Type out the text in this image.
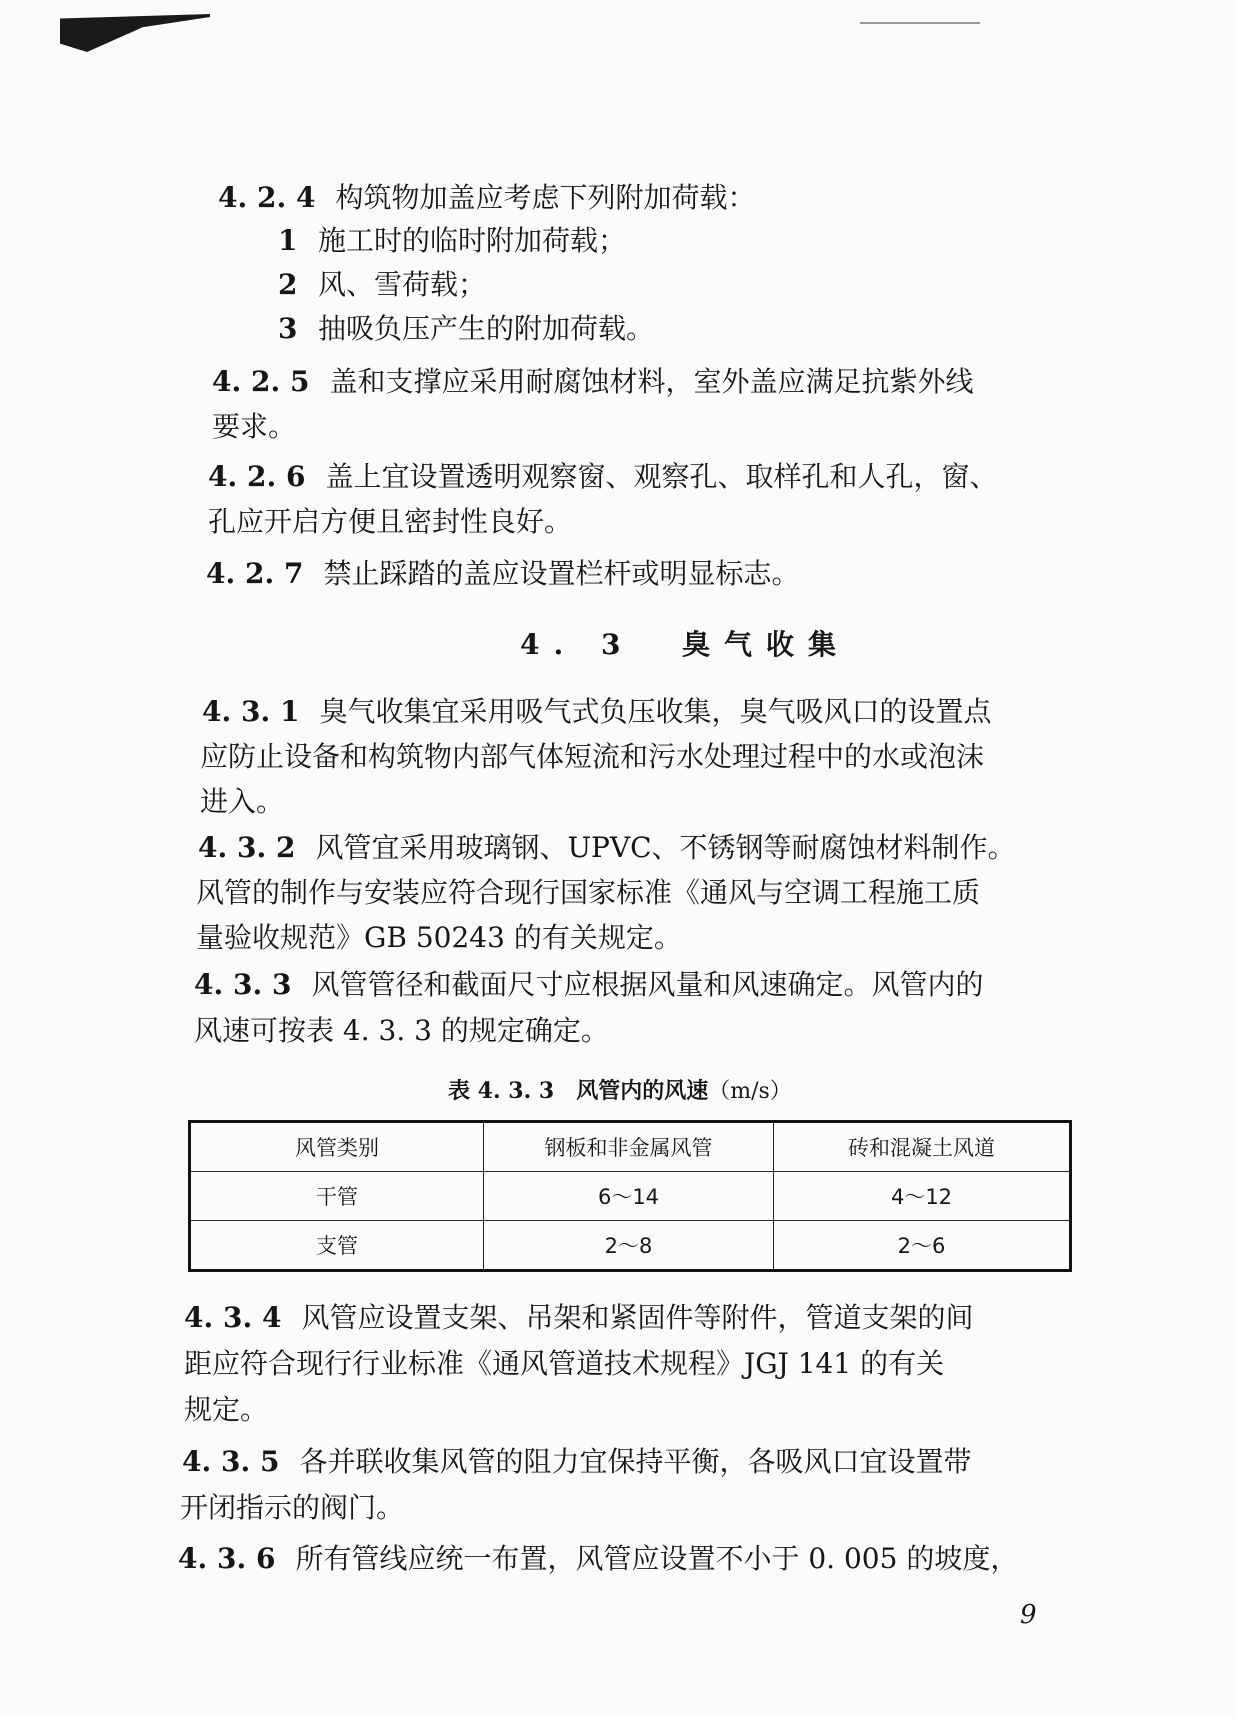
4. 2. 4 构筑物加盖应考虑下列附加荷载：
1 施工时的临时附加荷载；
2 风、雪荷载；
3 抽吸负压产生的附加荷载。
4. 2. 5 盖和支撑应采用耐腐蚀材料，室外盖应满足抗紫外线
要求。
4. 2. 6 盖上宜设置透明观察窗、观察孔、取样孔和人孔，窗、
孔应开启方便且密封性良好。
4. 2. 7 禁止踩踏的盖应设置栏杆或明显标志。
4. 3 臭气收集
4. 3. 1 臭气收集宜采用吸气式负压收集，臭气吸风口的设置点
应防止设备和构筑物内部气体短流和污水处理过程中的水或泡沫
进入。
4. 3. 2 风管宜采用玻璃钢、UPVC、不锈钢等耐腐蚀材料制作。
风管的制作与安装应符合现行国家标准《通风与空调工程施工质
量验收规范》GB 50243 的有关规定。
4. 3. 3 风管管径和截面尺寸应根据风量和风速确定。风管内的
风速可按表 4. 3. 3 的规定确定。
表 4. 3. 3　风管内的风速（m/s）
风管类别	钢板和非金属风管	砖和混凝土风道
干管	6～14	4～12
支管	2～8	2～6
4. 3. 4 风管应设置支架、吊架和紧固件等附件，管道支架的间
距应符合现行行业标准《通风管道技术规程》JGJ 141 的有关
规定。
4. 3. 5 各并联收集风管的阻力宜保持平衡，各吸风口宜设置带
开闭指示的阀门。
4. 3. 6 所有管线应统一布置，风管应设置不小于 0. 005 的坡度，
9
